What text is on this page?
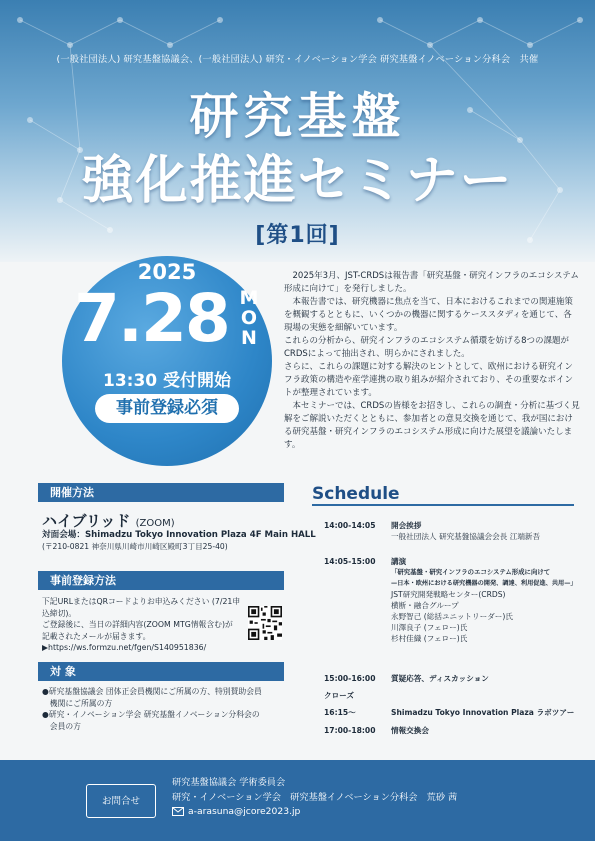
(一般社団法人) 研究基盤協議会、(一般社団法人) 研究・イノベーション学会 研究基盤イノベーション分科会　共催
研究基盤
強化推進セミナー
[第1回]
2025
7.28 M
O
N
13:30 受付開始
事前登録必須

　2025年3月、JST-CRDSは報告書「研究基盤・研究インフラのエコシステム形成に向けて」を発行しました。

　本報告書では、研究機器に焦点を当て、日本におけるこれまでの関連施策を概観するとともに、いくつかの機器に関するケーススタディを通じて、各現場の実態を細解いています。

これらの分析から、研究インフラのエコシステム循環を妨げる8つの課題がCRDSによって抽出され、明らかにされました。

さらに、これらの課題に対する解決のヒントとして、欧州における研究インフラ政策の構造や産学連携の取り組みが紹介されており、その重要なポイントが整理されています。

　本セミナーでは、CRDSの皆様をお招きし、これらの調査・分析に基づく見解をご解説いただくとともに、参加者との意見交換を通じて、我が国における研究基盤・研究インフラのエコシステム形成に向けた展望を議論いたします。

開催方法
ハイブリッド (ZOOM)
対面会場：Shimadzu Tokyo Innovation Plaza 4F Main HALL
(〒210-0821 神奈川県川崎市川崎区殿町3丁目25-40)
事前登録方法

下記URLまたはQRコードよりお申込みください (7/21申込締切)。

ご登録後に、当日の詳細内容(ZOOM MTG情報含む)が

記載されたメールが届きます。

▶https://ws.formzu.net/fgen/S140951836/

対 象

●研究基盤協議会 団体正会員機関にご所属の方、特別賛助会員

　機関にご所属の方

●研究・イノベーション学会 研究基盤イノベーション分科会の

　会員の方

Schedule
14:00-14:05	開会挨拶
一般社団法人 研究基盤協議会会長 江端新吾
14:05-15:00	講演
「研究基盤・研究インフラのエコシステム形成に向けて
—日本・欧州における研究機器の開発、調達、利用促進、共用—」
JST研究開発戦略センター(CRDS)
横断・融合グループ
永野智己 (総括ユニットリーダー)氏
川澤良子 (フェロー)氏
杉村佳織 (フェロー)氏
15:00-16:00	質疑応答、ディスカッション
クローズ
16:15〜	Shimadzu Tokyo Innovation Plaza ラボツアー
17:00-18:00	情報交換会
お問合せ
研究基盤協議会 学術委員会
研究・イノベーション学会　研究基盤イノベーション分科会　荒砂 茜
a-arasuna@jcore2023.jp
